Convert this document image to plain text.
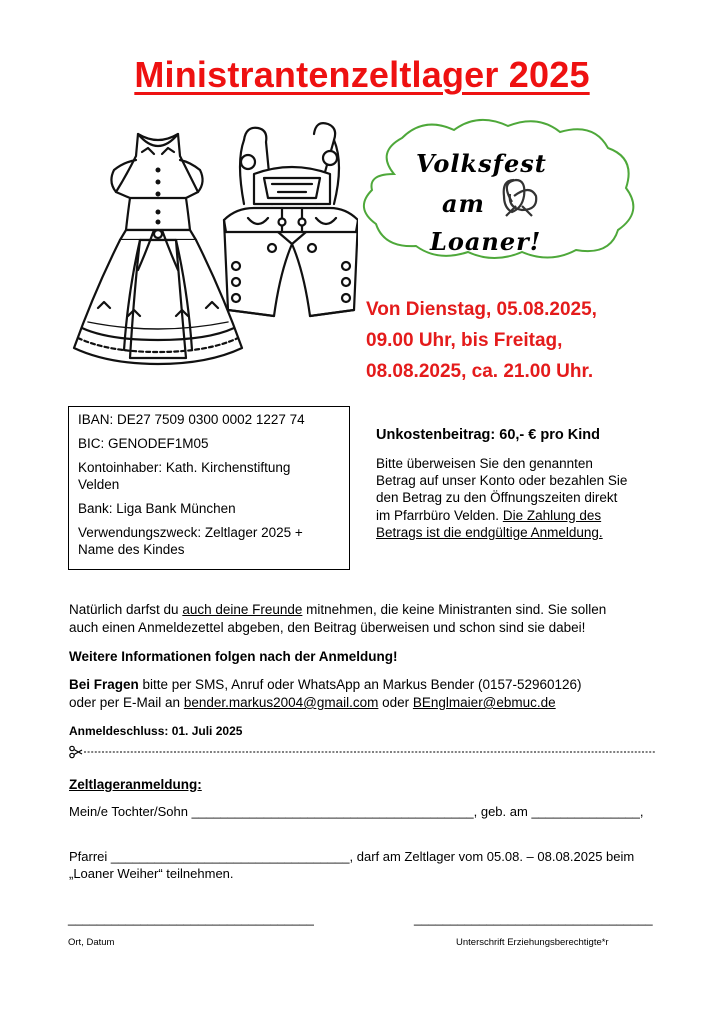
Ministrantenzeltlager 2025
Volksfest
am
Loaner!
Von Dienstag, 05.08.2025,
09.00 Uhr, bis Freitag,
08.08.2025, ca. 21.00 Uhr.

IBAN: DE27 7509 0300 0002 1227 74

BIC: GENODEF1M05

Kontoinhaber: Kath. Kirchenstiftung
Velden

Bank: Liga Bank München

Verwendungszweck: Zeltlager 2025 +
Name des Kindes

Unkostenbeitrag: 60,- € pro Kind
Bitte überweisen Sie den genannten
Betrag auf unser Konto oder bezahlen Sie
den Betrag zu den Öffnungszeiten direkt
im Pfarrbüro Velden. Die Zahlung des
Betrags ist die endgültige Anmeldung.
Natürlich darfst du auch deine Freunde mitnehmen, die keine Ministranten sind. Sie sollen
auch einen Anmeldezettel abgeben, den Beitrag überweisen und schon sind sie dabei!
Weitere Informationen folgen nach der Anmeldung!
Bei Fragen bitte per SMS, Anruf oder WhatsApp an Markus Bender (0157-52960126)
oder per E-Mail an bender.markus2004@gmail.com oder BEnglmaier@ebmuc.de
Anmeldeschluss: 01. Juli 2025
Zeltlageranmeldung:
Mein/e Tochter/Sohn _______________________________________, geb. am _______________,
Pfarrei _________________________________, darf am Zeltlager vom 05.08. – 08.08.2025 beim
„Loaner Weiher“ teilnehmen.
__________________________________	_________________________________
Ort, Datum	Unterschrift Erziehungsberechtigte*r
